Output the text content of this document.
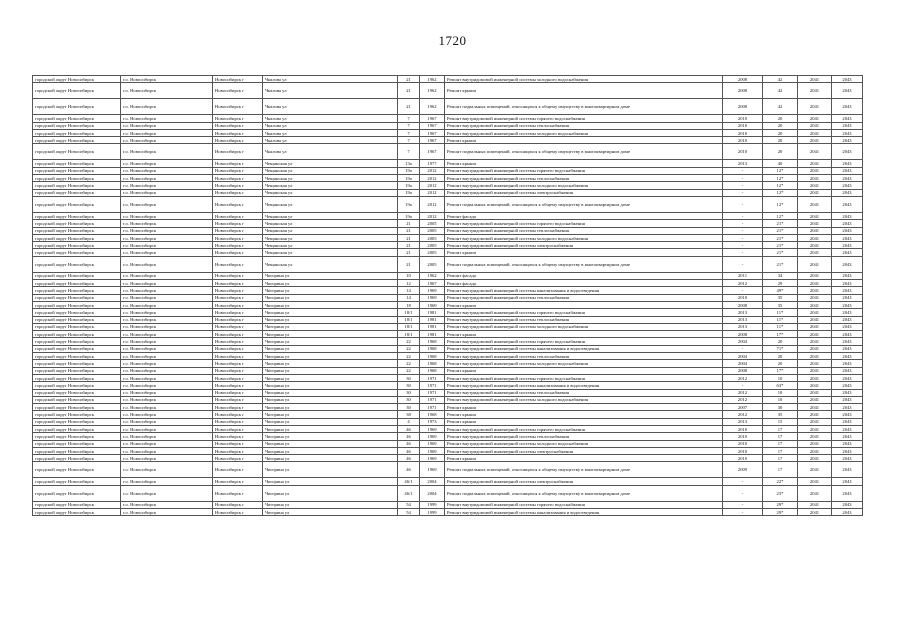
1720
городской округ Новосибирск	г.о. Новосибирск	Новосибирск г	Чкалова ул	21	1962	Ремонт внутридомовой инженерной системы холодного водоснабжения	2008	42	2041	2043
городской округ Новосибирск	г.о. Новосибирск	Новосибирск г	Чкалова ул	21	1962	Ремонт крыши	2008	42	2041	2043
городской округ Новосибирск	г.о. Новосибирск	Новосибирск г	Чкалова ул	21	1962	Ремонт подвальных помещений, относящихся к общему имуществу в многоквартирном доме	2008	42	2041	2043
городской округ Новосибирск	г.о. Новосибирск	Новосибирск г	Чкалова ул	7	1967	Ремонт внутридомовой инженерной системы горячего водоснабжения	2010	20	2041	2043
городской округ Новосибирск	г.о. Новосибирск	Новосибирск г	Чкалова ул	7	1967	Ремонт внутридомовой инженерной системы теплоснабжения	2010	20	2041	2043
городской округ Новосибирск	г.о. Новосибирск	Новосибирск г	Чкалова ул	7	1967	Ремонт внутридомовой инженерной системы холодного водоснабжения	2010	20	2041	2043
городской округ Новосибирск	г.о. Новосибирск	Новосибирск г	Чкалова ул	7	1967	Ремонт крыши	2010	20	2041	2043
городской округ Новосибирск	г.о. Новосибирск	Новосибирск г	Чкалова ул	7	1967	Ремонт подвальных помещений, относящихся к общему имуществу в многоквартирном доме	2010	20	2041	2043
городской округ Новосибирск	г.о. Новосибирск	Новосибирск г	Чещинская ул	13а	1977	Ремонт крыши	2013	40	2041	2043
городской округ Новосибирск	г.о. Новосибирск	Новосибирск г	Чещинская ул	19а	2012	Ремонт внутридомовой инженерной системы горячего водоснабжения	-	12*	2041	2043
городской округ Новосибирск	г.о. Новосибирск	Новосибирск г	Чещинская ул	19а	2012	Ремонт внутридомовой инженерной системы теплоснабжения	-	12*	2041	2043
городской округ Новосибирск	г.о. Новосибирск	Новосибирск г	Чещинская ул	19а	2012	Ремонт внутридомовой инженерной системы холодного водоснабжения	-	12*	2041	2043
городской округ Новосибирск	г.о. Новосибирск	Новосибирск г	Чещинская ул	19а	2012	Ремонт внутридомовой инженерной системы электроснабжения	-	12*	2041	2043
городской округ Новосибирск	г.о. Новосибирск	Новосибирск г	Чещинская ул	19а	2012	Ремонт подвальных помещений, относящихся к общему имуществу в многоквартирном доме	-	12*	2041	2043
городской округ Новосибирск	г.о. Новосибирск	Новосибирск г	Чещинская ул	19а	2012	Ремонт фасада	-	12*	2041	2043
городской округ Новосибирск	г.о. Новосибирск	Новосибирск г	Чещинская ул	21	2005	Ремонт внутридомовой инженерной системы горячего водоснабжения	-	21*	2041	2043
городской округ Новосибирск	г.о. Новосибирск	Новосибирск г	Чещинская ул	21	2005	Ремонт внутридомовой инженерной системы теплоснабжения	-	21*	2041	2043
городской округ Новосибирск	г.о. Новосибирск	Новосибирск г	Чещинская ул	21	2005	Ремонт внутридомовой инженерной системы холодного водоснабжения	-	21*	2041	2043
городской округ Новосибирск	г.о. Новосибирск	Новосибирск г	Чещинская ул	21	2005	Ремонт внутридомовой инженерной системы электроснабжения	-	21*	2041	2043
городской округ Новосибирск	г.о. Новосибирск	Новосибирск г	Чещинская ул	21	2005	Ремонт крыши	-	21*	2041	2043
городской округ Новосибирск	г.о. Новосибирск	Новосибирск г	Чещинская ул	21	2005	Ремонт подвальных помещений, относящихся к общему имуществу в многоквартирном доме	-	21*	2041	2043
городской округ Новосибирск	г.о. Новосибирск	Новосибирск г	Чигорина ул	10	1962	Ремонт фасада	2011	34	2041	2043
городской округ Новосибирск	г.о. Новосибирск	Новосибирск г	Чигорина ул	12	1967	Ремонт фасада	2012	29	2041	2043
городской округ Новосибирск	г.о. Новосибирск	Новосибирск г	Чигорина ул	14	1969	Ремонт внутридомовой инженерной системы канализования и водоотведения	-	49*	2041	2043
городской округ Новосибирск	г.о. Новосибирск	Новосибирск г	Чигорина ул	14	1969	Ремонт внутридомовой инженерной системы теплоснабжения	2010	35	2041	2043
городской округ Новосибирск	г.о. Новосибирск	Новосибирск г	Чигорина ул	18	1969	Ремонт крыши	2008	35	2041	2043
городской округ Новосибирск	г.о. Новосибирск	Новосибирск г	Чигорина ул	18/1	1981	Ремонт внутридомовой инженерной системы горячего водоснабжения	2013	11*	2041	2043
городской округ Новосибирск	г.о. Новосибирск	Новосибирск г	Чигорина ул	18/1	1981	Ремонт внутридомовой инженерной системы теплоснабжения	2013	11*	2041	2043
городской округ Новосибирск	г.о. Новосибирск	Новосибирск г	Чигорина ул	18/1	1981	Ремонт внутридомовой инженерной системы холодного водоснабжения	2013	11*	2041	2043
городской округ Новосибирск	г.о. Новосибирск	Новосибирск г	Чигорина ул	18/1	1981	Ремонт крыши	2008	17*	2041	2043
городской округ Новосибирск	г.о. Новосибирск	Новосибирск г	Чигорина ул	22	1968	Ремонт внутридомовой инженерной системы горячего водоснабжения	2004	20	2041	2043
городской округ Новосибирск	г.о. Новосибирск	Новосибирск г	Чигорина ул	22	1968	Ремонт внутридомовой инженерной системы канализования и водоотведения	-	71*	2041	2043
городской округ Новосибирск	г.о. Новосибирск	Новосибирск г	Чигорина ул	22	1968	Ремонт внутридомовой инженерной системы теплоснабжения	2004	20	2041	2043
городской округ Новосибирск	г.о. Новосибирск	Новосибирск г	Чигорина ул	22	1968	Ремонт внутридомовой инженерной системы холодного водоснабжения	2004	20	2041	2043
городской округ Новосибирск	г.о. Новосибирск	Новосибирск г	Чигорина ул	22	1968	Ремонт крыши	2008	17*	2041	2043
городской округ Новосибирск	г.о. Новосибирск	Новосибирск г	Чигорина ул	30	1971	Ремонт внутридомовой инженерной системы горячего водоснабжения	2012	10	2041	2043
городской округ Новосибирск	г.о. Новосибирск	Новосибирск г	Чигорина ул	30	1971	Ремонт внутридомовой инженерной системы канализования и водоотведения	-	63*	2041	2043
городской округ Новосибирск	г.о. Новосибирск	Новосибирск г	Чигорина ул	30	1971	Ремонт внутридомовой инженерной системы теплоснабжения	2012	10	2041	2043
городской округ Новосибирск	г.о. Новосибирск	Новосибирск г	Чигорина ул	30	1971	Ремонт внутридомовой инженерной системы холодного водоснабжения	2012	10	2041	2043
городской округ Новосибирск	г.о. Новосибирск	Новосибирск г	Чигорина ул	30	1971	Ремонт крыши	2007	30	2041	2043
городской округ Новосибирск	г.о. Новосибирск	Новосибирск г	Чигорина ул	38	1968	Ремонт крыши	2012	35	2041	2043
городской округ Новосибирск	г.о. Новосибирск	Новосибирск г	Чигорина ул	4	1973	Ремонт крыши	2013	15	2041	2043
городской округ Новосибирск	г.о. Новосибирск	Новосибирск г	Чигорина ул	46	1969	Ремонт внутридомовой инженерной системы горячего водоснабжения	2010	17	2041	2043
городской округ Новосибирск	г.о. Новосибирск	Новосибирск г	Чигорина ул	46	1969	Ремонт внутридомовой инженерной системы теплоснабжения	2010	17	2041	2043
городской округ Новосибирск	г.о. Новосибирск	Новосибирск г	Чигорина ул	46	1969	Ремонт внутридомовой инженерной системы холодного водоснабжения	2010	17	2041	2043
городской округ Новосибирск	г.о. Новосибирск	Новосибирск г	Чигорина ул	46	1969	Ремонт внутридомовой инженерной системы электроснабжения	2010	17	2041	2043
городской округ Новосибирск	г.о. Новосибирск	Новосибирск г	Чигорина ул	46	1969	Ремонт крыши	2010	17	2041	2043
городской округ Новосибирск	г.о. Новосибирск	Новосибирск г	Чигорина ул	46	1969	Ремонт подвальных помещений, относящихся к общему имуществу в многоквартирном доме	2009	17	2041	2043
городской округ Новосибирск	г.о. Новосибирск	Новосибирск г	Чигорина ул	46/1	2004	Ремонт внутридомовой инженерной системы электроснабжения	-	22*	2041	2043
городской округ Новосибирск	г.о. Новосибирск	Новосибирск г	Чигорина ул	46/1	2004	Ремонт подвальных помещений, относящихся к общему имуществу в многоквартирном доме	-	23*	2041	2043
городской округ Новосибирск	г.о. Новосибирск	Новосибирск г	Чигорина ул	54	1999	Ремонт внутридомовой инженерной системы горячего водоснабжения	-	29*	2041	2043
городской округ Новосибирск	г.о. Новосибирск	Новосибирск г	Чигорина ул	54	1999	Ремонт внутридомовой инженерной системы канализования и водоотведения	-	29*	2041	2043
